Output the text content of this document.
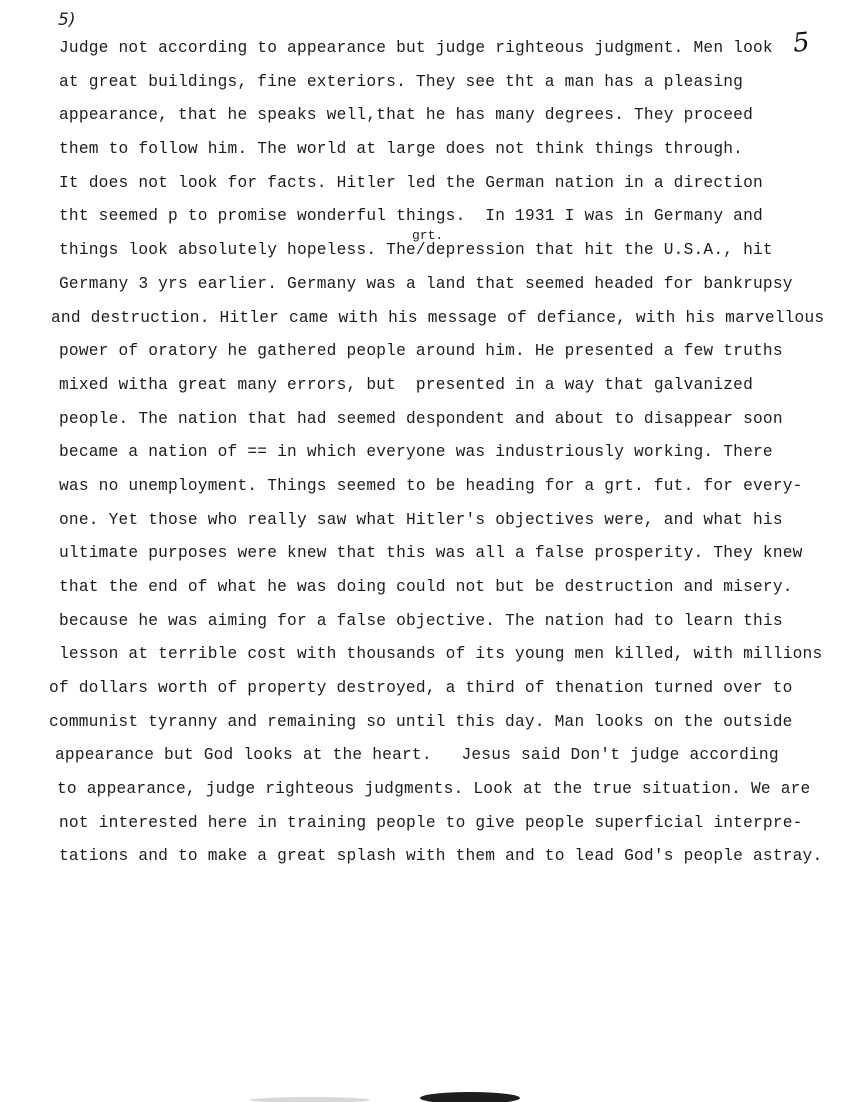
5)
5
grt.
Judge not according to appearance but judge righteous judgment. Men look
at great buildings, fine exteriors. They see tht a man has a pleasing
appearance, that he speaks well,that he has many degrees. They proceed
them to follow him. The world at large does not think things through.
It does not look for facts. Hitler led the German nation in a direction
tht seemed p to promise wonderful things.  In 1931 I was in Germany and
things look absolutely hopeless. The/depression that hit the U.S.A., hit
Germany 3 yrs earlier. Germany was a land that seemed headed for bankrupsy
and destruction. Hitler came with his message of defiance, with his marvellous
power of oratory he gathered people around him. He presented a few truths
mixed witha great many errors, but  presented in a way that galvanized
people. The nation that had seemed despondent and about to disappear soon
became a nation of == in which everyone was industriously working. There
was no unemployment. Things seemed to be heading for a grt. fut. for every-
one. Yet those who really saw what Hitler's objectives were, and what his
ultimate purposes were knew that this was all a false prosperity. They knew
that the end of what he was doing could not but be destruction and misery.
because he was aiming for a false objective. The nation had to learn this
lesson at terrible cost with thousands of its young men killed, with millions
of dollars worth of property destroyed, a third of thenation turned over to
communist tyranny and remaining so until this day. Man looks on the outside
appearance but God looks at the heart.   Jesus said Don't judge according
to appearance, judge righteous judgments. Look at the true situation. We are
not interested here in training people to give people superficial interpre-
tations and to make a great splash with them and to lead God's people astray.
